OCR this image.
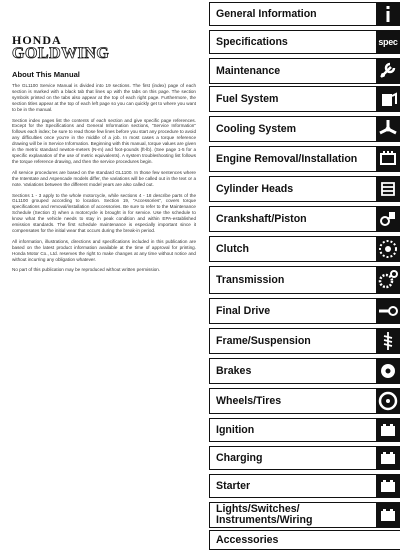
HONDA
GOLDWING
About This Manual

The GL1100 Service Manual is divided into 19 sections. The first (index) page of each section is marked with a black tab that lines up with the tabs on this page. The section symbols printed on the tabs also appear at the top of each right page. Furthermore, the section titles appear at the top of each left page so you can quickly get to where you want to be in the manual.

Section index pages list the contents of each section and give specific page references. Except for the Specifications and General Information sections, "Service Information" follows each index; be sure to read those few lines before you start any procedure to avoid any difficulties once you're in the middle of a job. In most cases a torque reference drawing will be in Service Information. Beginning with this manual, torque values are given in the metric standard newton-meters (N-m) and foot-pounds (ft-lb). (See page 1-5 for a specific explanation of the use of metric equivalents). A system troubleshooting list follows the torque reference drawing, and then the service procedures begin.

All service procedures are based on the standard GL1100. In those few sentences where the Interstate and Aspencade models differ, the variations will be called out in the text or a note. Variations between the different model years are also called out.

Sections 1 - 3 apply to the whole motorcycle, while sections 4 - 18 describe parts of the GL1100 grouped according to location. Section 19, "Accessories", covers torque specifications and removal/installation of accessories. Be sure to refer to the Maintenance Schedule (Section 3) when a motorcycle is brought in for service. Use the schedule to know what the vehicle needs to stay in peak condition and within EPA-established emission standards. The first schedule maintenance is especially important since it compensates for the initial wear that occurs during the break-in period.

All information, illustrations, directions and specifications included in this publication are based on the latest product information available at the time of approval for printing. Honda Motor Co., Ltd. reserves the right to make changes at any time without notice and without incurring any obligation whatever.

No part of this publication may be reproduced without written permission.

General Information
Specifications	spec
Maintenance
Fuel System
Cooling System
Engine Removal/Installation
Cylinder Heads
Crankshaft/Piston
Clutch
Transmission
Final Drive
Frame/Suspension
Brakes
Wheels/Tires
Ignition
Charging
Starter
Lights/Switches/ Instruments/Wiring
Accessories
